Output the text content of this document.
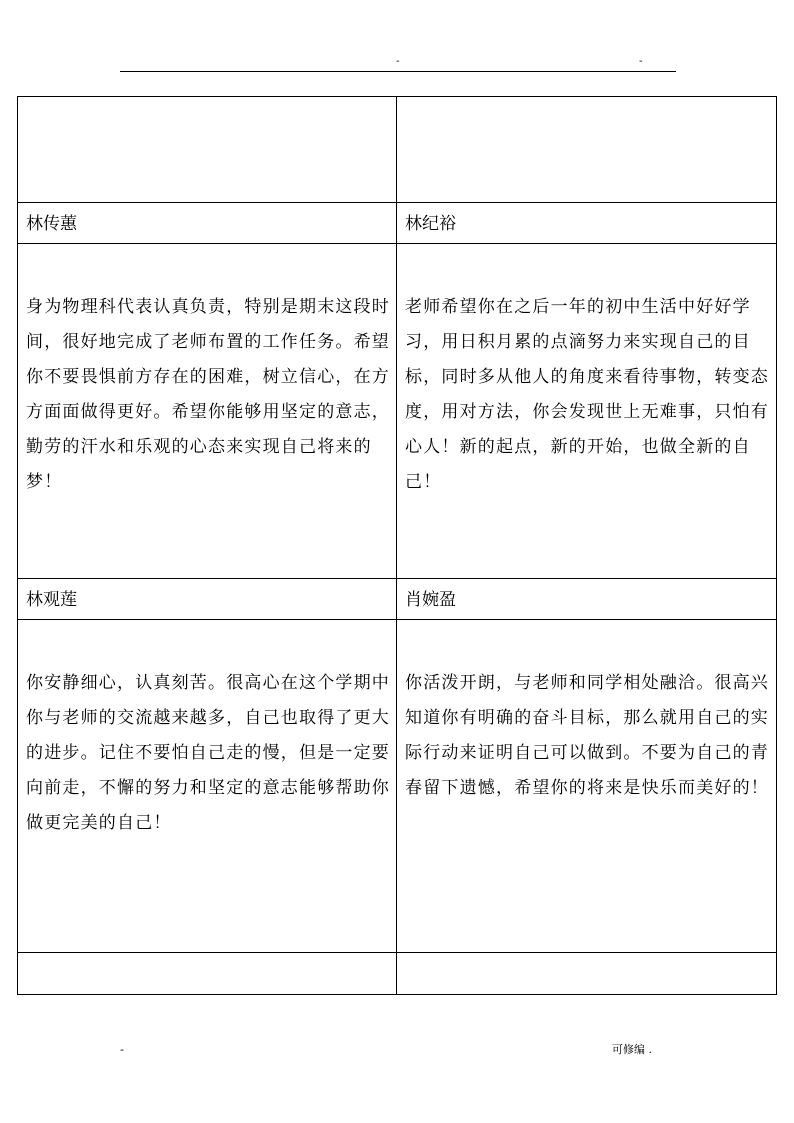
-	-

林传蕙	林纪裕
身为物理科代表认真负责，特别是期末这段时间，很好地完成了老师布置的工作任务。希望你不要畏惧前方存在的困难，树立信心，在方方面面做得更好。希望你能够用坚定的意志，勤劳的汗水和乐观的心态来实现自己将来的梦！	老师希望你在之后一年的初中生活中好好学习，用日积月累的点滴努力来实现自己的目标，同时多从他人的角度来看待事物，转变态度，用对方法，你会发现世上无难事，只怕有心人！新的起点，新的开始，也做全新的自己！
林观莲	肖婉盈
你安静细心，认真刻苦。很高心在这个学期中你与老师的交流越来越多，自己也取得了更大的进步。记住不要怕自己走的慢，但是一定要向前走，不懈的努力和坚定的意志能够帮助你做更完美的自己！	你活泼开朗，与老师和同学相处融洽。很高兴知道你有明确的奋斗目标，那么就用自己的实际行动来证明自己可以做到。不要为自己的青春留下遗憾，希望你的将来是快乐而美好的！

-	可修编 .
